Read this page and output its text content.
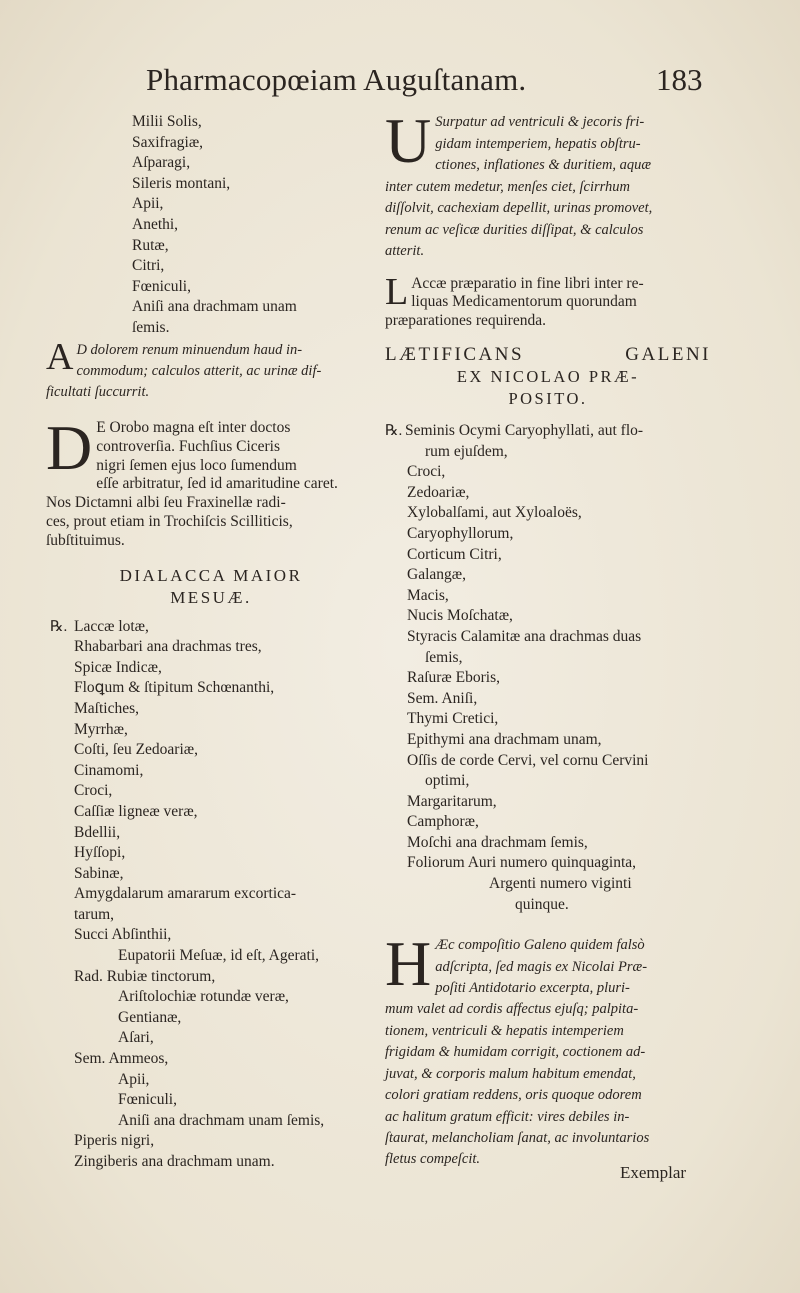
Pharmacopœiam Auguſtanam.	183
Milii Solis,
Saxifragiæ,
Aſparagi,
Sileris montani,
Apii,
Anethi,
Rutæ,
Citri,
Fœniculi,
Aniſi ana drachmam unam
ſemis.
A D dolorem renum minuendum haud in-
commodum; calculos atterit, ac urinæ dif-
ficultati ſuccurrit.
D E Orobo magna eſt inter doctos
controverſia. Fuchſius Ciceris
nigri ſemen ejus loco ſumendum
eſſe arbitratur, ſed id amaritudine caret.
Nos Dictamni albi ſeu Fraxinellæ radi-
ces, prout etiam in Trochiſcis Scilliticis,
ſubſtituimus.
DIALACCA MAIOR
MESUÆ.
℞. Laccæ lotæ,
Rhabarbari ana drachmas tres,
Spicæ Indicæ,
Floꝗum & ſtipitum Schœnanthi,
Maſtiches,
Myrrhæ,
Coſti, ſeu Zedoariæ,
Cinamomi,
Croci,
Caſſiæ ligneæ veræ,
Bdellii,
Hyſſopi,
Sabinæ,
Amygdalarum amararum excortica-
tarum,
Succi Abſinthii,
Eupatorii Meſuæ, id eſt, Agerati,
Rad. Rubiæ tinctorum,
Ariſtolochiæ rotundæ veræ,
Gentianæ,
Aſari,
Sem. Ammeos,
Apii,
Fœniculi,
Aniſi ana drachmam unam ſemis,
Piperis nigri,
Zingiberis ana drachmam unam.
U Surpatur ad ventriculi & jecoris fri-
gidam intemperiem, hepatis obſtru-
ctiones, inflationes & duritiem, aquæ
inter cutem medetur, menſes ciet, ſcirrhum
diſſolvit, cachexiam depellit, urinas promovet,
renum ac veſicæ durities diſſipat, & calculos
atterit.
L Accæ præparatio in fine libri inter re-
liquas Medicamentorum quorundam
præparationes requirenda.
LÆTIFICANS GALENI
EX NICOLAO PRÆ-
POSITO.
℞. Seminis Ocymi Caryophyllati, aut flo-
rum ejuſdem,
Croci,
Zedoariæ,
Xylobalſami, aut Xyloaloës,
Caryophyllorum,
Corticum Citri,
Galangæ,
Macis,
Nucis Moſchatæ,
Styracis Calamitæ ana drachmas duas
ſemis,
Raſuræ Eboris,
Sem. Aniſi,
Thymi Cretici,
Epithymi ana drachmam unam,
Oſſis de corde Cervi, vel cornu Cervini
optimi,
Margaritarum,
Camphoræ,
Moſchi ana drachmam ſemis,
Foliorum Auri numero quinquaginta,
Argenti numero viginti
quinque.
H Æc compoſitio Galeno quidem falsò
adſcripta, ſed magis ex Nicolai Præ-
poſiti Antidotario excerpta, pluri-
mum valet ad cordis affectus ejuſq; palpita-
tionem, ventriculi & hepatis intemperiem
frigidam & humidam corrigit, coctionem ad-
juvat, & corporis malum habitum emendat,
colori gratiam reddens, oris quoque odorem
ac halitum gratum efficit: vires debiles in-
ſtaurat, melancholiam ſanat, ac involuntarios
fletus compeſcit.
Exemplar
